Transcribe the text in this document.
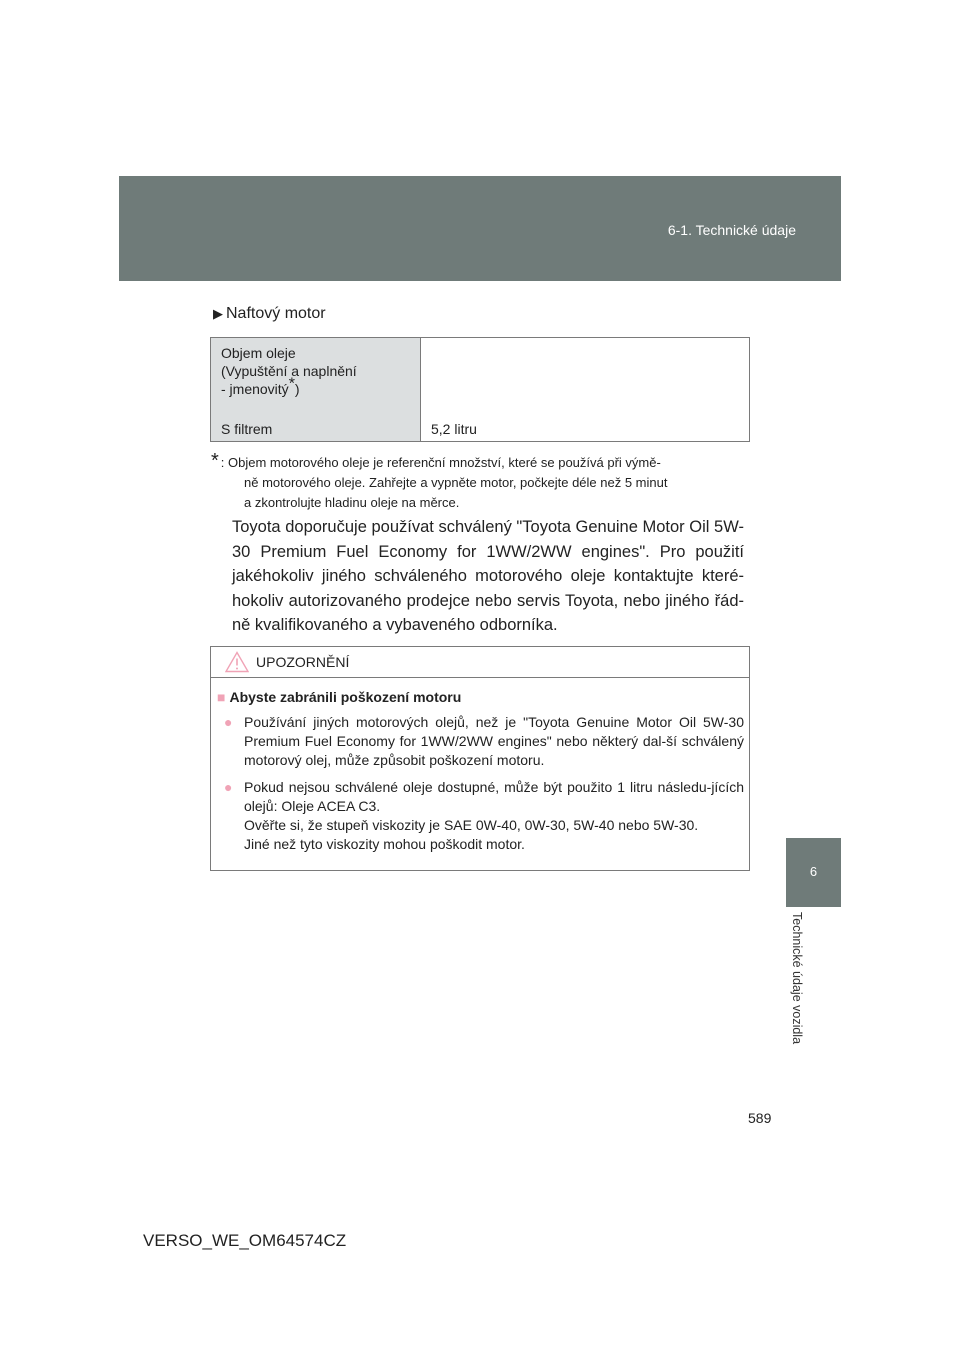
6-1. Technické údaje
6
Technické údaje vozidla
▶ Naftový motor
Objem oleje
(Vypuštění a naplnění
- jmenovitý*)
S filtrem	5,2 litru
* : Objem motorového oleje je referenční množství, které se používá při výmě-
ně motorového oleje. Zahřejte a vypněte motor, počkejte déle než 5 minut
a zkontrolujte hladinu oleje na měrce.
Toyota doporučuje používat schválený "Toyota Genuine Motor Oil 5W-30 Premium Fuel Economy for 1WW/2WW engines". Pro použití jakéhokoliv jiného schváleného motorového oleje kontaktujte které-hokoliv autorizovaného prodejce nebo servis Toyota, nebo jiného řád-ně kvalifikovaného a vybaveného odborníka.
UPOZORNĚNÍ
■ Abyste zabránili poškození motoru
● Používání jiných motorových olejů, než je "Toyota Genuine Motor Oil 5W-30 Premium Fuel Economy for 1WW/2WW engines" nebo některý dal-ší schválený motorový olej, může způsobit poškození motoru.
● Pokud nejsou schválené oleje dostupné, může být použito 1 litru následu-jících olejů: Oleje ACEA C3.
Ověřte si, že stupeň viskozity je SAE 0W-40, 0W-30, 5W-40 nebo 5W-30.
Jiné než tyto viskozity mohou poškodit motor.
589
VERSO_WE_OM64574CZ
